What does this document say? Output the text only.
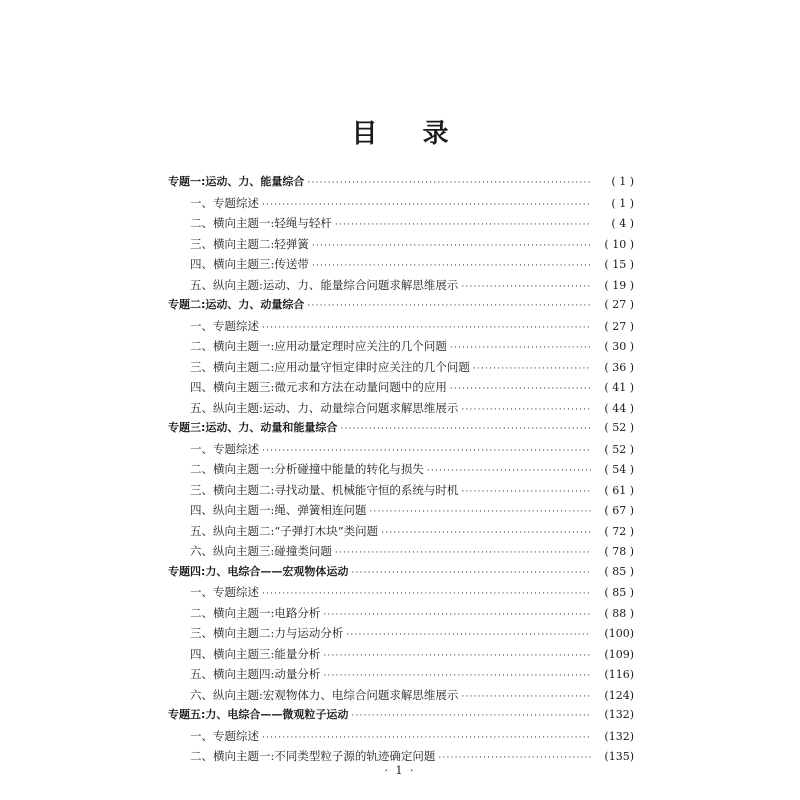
目 录
专题一:运动、力、能量综合 ·····	( 1 )
一、专题综述 ·····	( 1 )
二、横向主题一:轻绳与轻杆 ·····	( 4 )
三、横向主题二:轻弹簧 ·····	( 10 )
四、横向主题三:传送带 ·····	( 15 )
五、纵向主题:运动、力、能量综合问题求解思维展示 ·····	( 19 )
专题二:运动、力、动量综合 ·····	( 27 )
一、专题综述 ·····	( 27 )
二、横向主题一:应用动量定理时应关注的几个问题 ·····	( 30 )
三、横向主题二:应用动量守恒定律时应关注的几个问题 ·····	( 36 )
四、横向主题三:微元求和方法在动量问题中的应用 ·····	( 41 )
五、纵向主题:运动、力、动量综合问题求解思维展示 ·····	( 44 )
专题三:运动、力、动量和能量综合 ·····	( 52 )
一、专题综述 ·····	( 52 )
二、横向主题一:分析碰撞中能量的转化与损失 ·····	( 54 )
三、横向主题二:寻找动量、机械能守恒的系统与时机 ·····	( 61 )
四、纵向主题一:绳、弹簧相连问题 ·····	( 67 )
五、纵向主题二:“子弹打木块”类问题 ·····	( 72 )
六、纵向主题三:碰撞类问题 ·····	( 78 )
专题四:力、电综合——宏观物体运动 ·····	( 85 )
一、专题综述 ·····	( 85 )
二、横向主题一:电路分析 ·····	( 88 )
三、横向主题二:力与运动分析 ·····	(100)
四、横向主题三:能量分析 ·····	(109)
五、横向主题四:动量分析 ·····	(116)
六、纵向主题:宏观物体力、电综合问题求解思维展示 ·····	(124)
专题五:力、电综合——微观粒子运动 ·····	(132)
一、专题综述 ·····	(132)
二、横向主题一:不同类型粒子源的轨迹确定问题 ·····	(135)
· 1 ·
